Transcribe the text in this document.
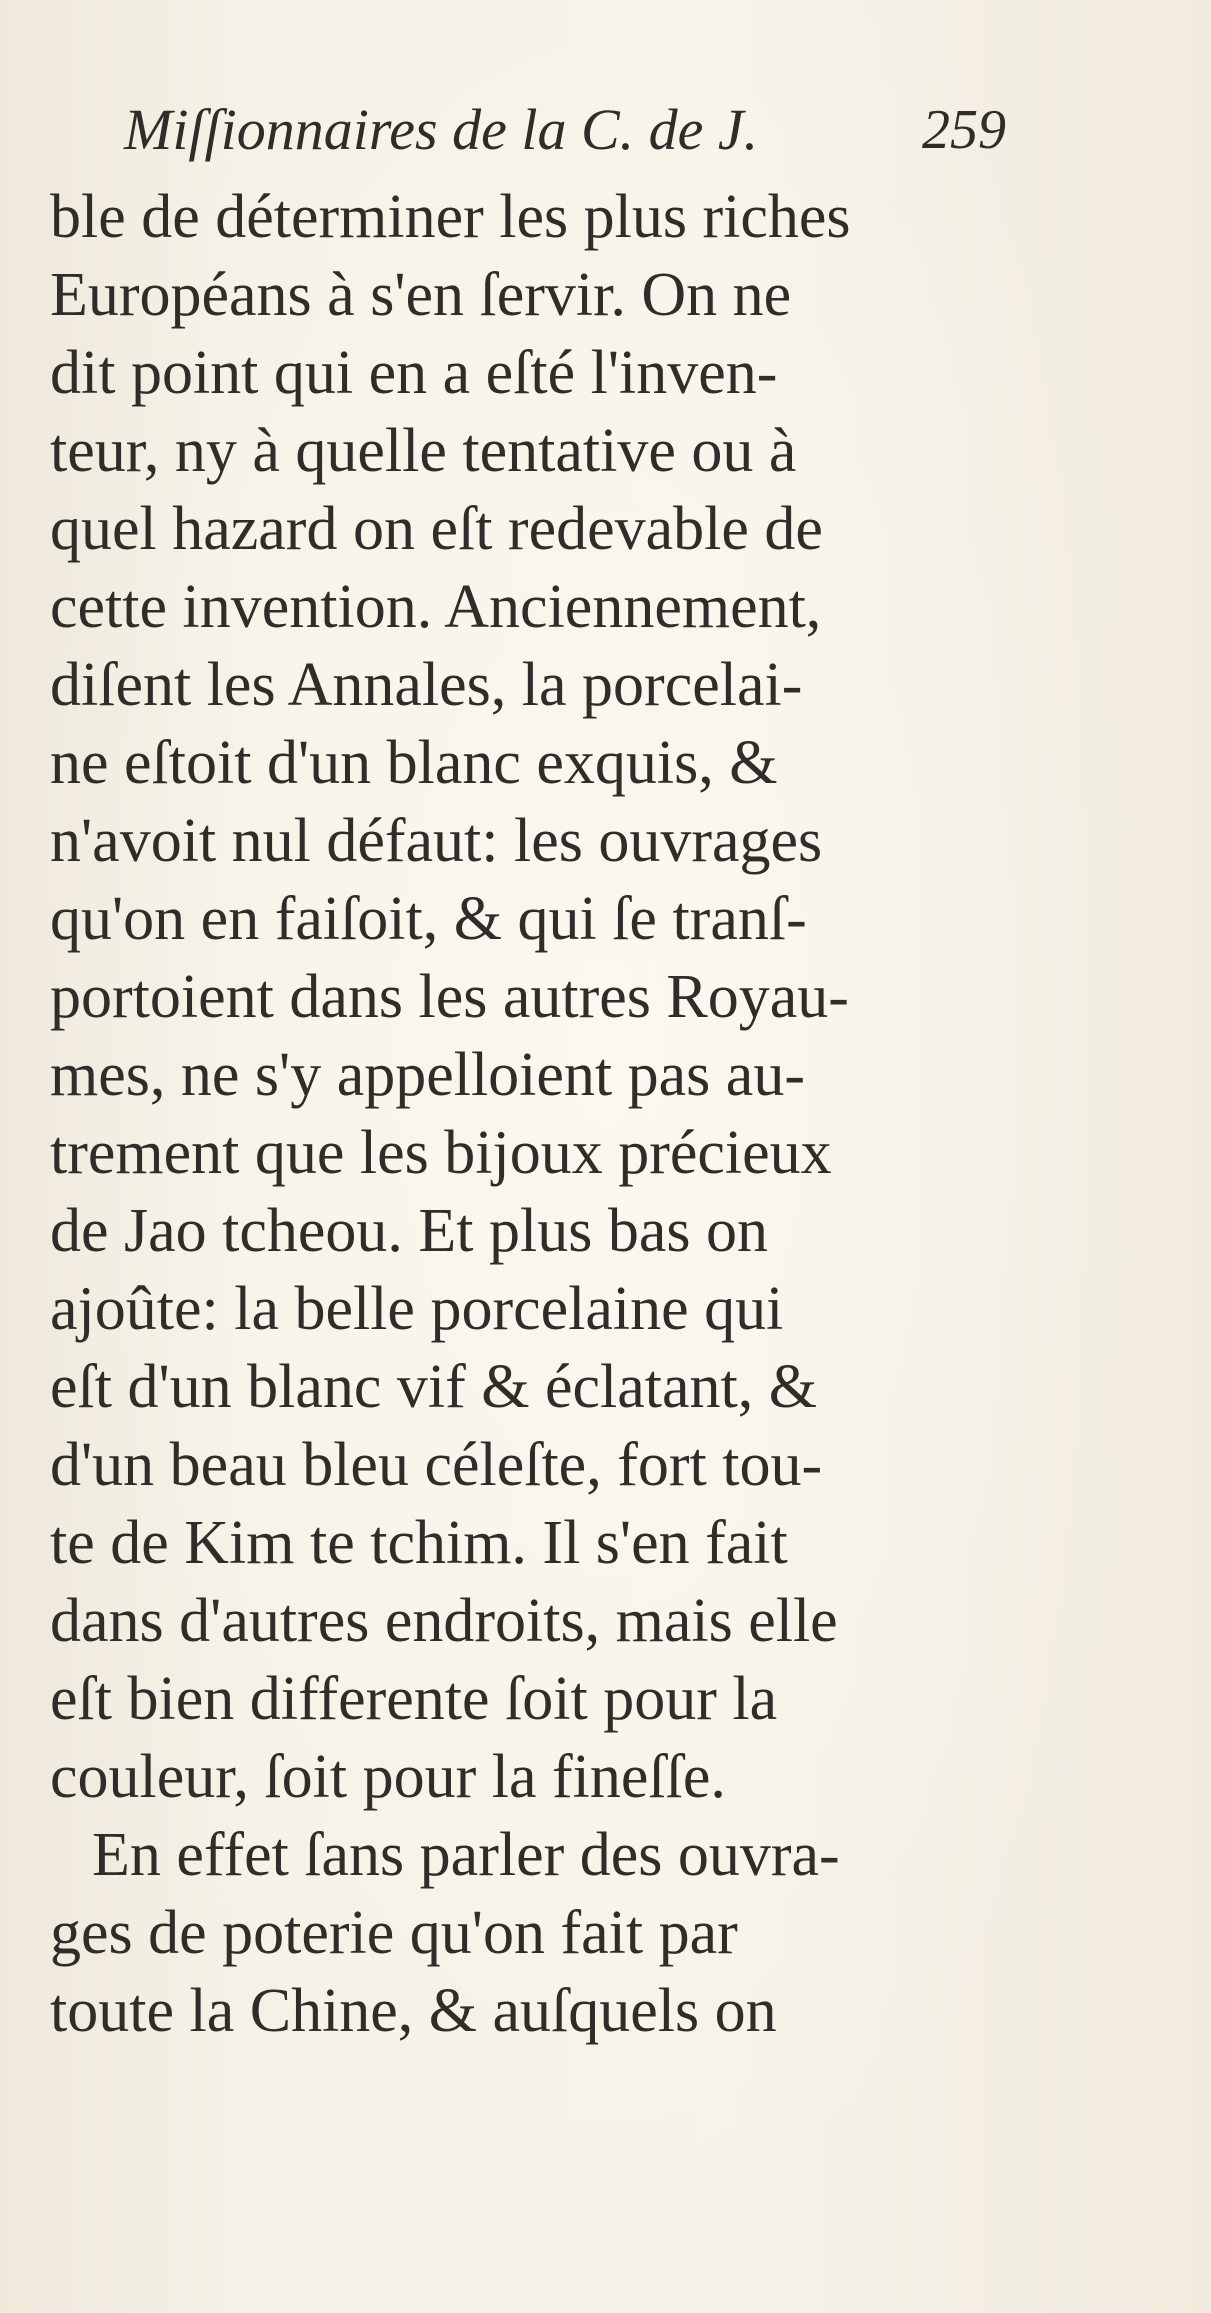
Miſſionnaires de la C. de J.	259
ble de déterminer les plus riches
Européans à s'en ſervir. On ne
dit point qui en a eſté l'inven-
teur, ny à quelle tentative ou à
quel hazard on eſt redevable de
cette invention. Anciennement,
diſent les Annales, la porcelai-
ne eſtoit d'un blanc exquis, &
n'avoit nul défaut: les ouvrages
qu'on en faiſoit, & qui ſe tranſ-
portoient dans les autres Royau-
mes, ne s'y appelloient pas au-
trement que les bijoux précieux
de Jao tcheou. Et plus bas on
ajoûte: la belle porcelaine qui
eſt d'un blanc vif & éclatant, &
d'un beau bleu céleſte, fort tou-
te de Kim te tchim. Il s'en fait
dans d'autres endroits, mais elle
eſt bien differente ſoit pour la
couleur, ſoit pour la fineſſe.
En effet ſans parler des ouvra-
ges de poterie qu'on fait par
toute la Chine, & auſquels on
